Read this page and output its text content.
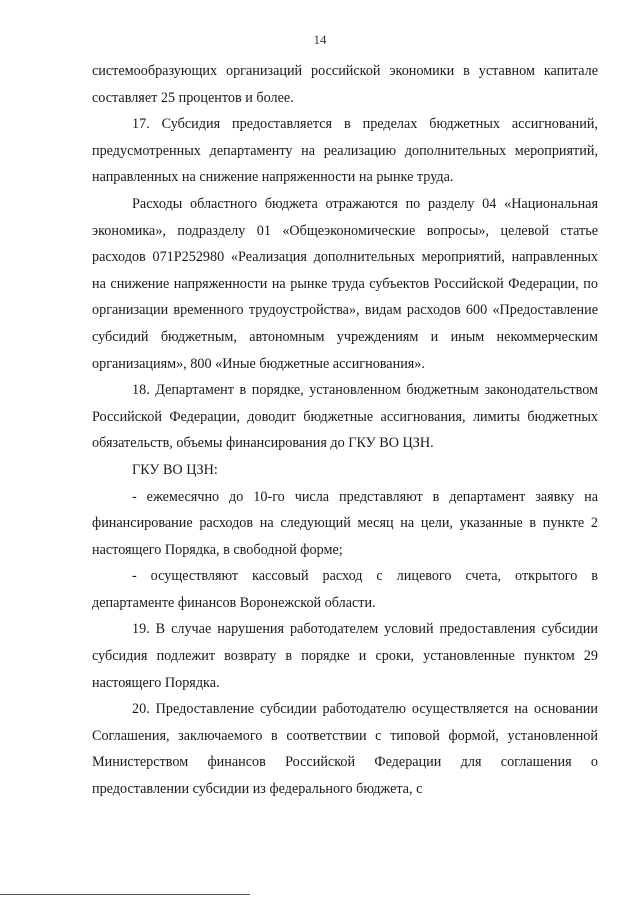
14

системообразующих организаций российской экономики в уставном капитале составляет 25 процентов и более.

17. Субсидия предоставляется в пределах бюджетных ассигнований, предусмотренных департаменту на реализацию дополнительных мероприятий, направленных на снижение напряженности на рынке труда.

Расходы областного бюджета отражаются по разделу 04 «Национальная экономика», подразделу 01 «Общеэкономические вопросы», целевой статье расходов 071P252980 «Реализация дополнительных мероприятий, направленных на снижение напряженности на рынке труда субъектов Российской Федерации, по организации временного трудоустройства», видам расходов 600 «Предоставление субсидий бюджетным, автономным учреждениям и иным некоммерческим организациям», 800 «Иные бюджетные ассигнования».

18. Департамент в порядке, установленном бюджетным законодательством Российской Федерации, доводит бюджетные ассигнования, лимиты бюджетных обязательств, объемы финансирования до ГКУ ВО ЦЗН.

ГКУ ВО ЦЗН:

- ежемесячно до 10-го числа представляют в департамент заявку на финансирование расходов на следующий месяц на цели, указанные в пункте 2 настоящего Порядка, в свободной форме;

- осуществляют кассовый расход с лицевого счета, открытого в департаменте финансов Воронежской области.

19. В случае нарушения работодателем условий предоставления субсидии субсидия подлежит возврату в порядке и сроки, установленные пунктом 29 настоящего Порядка.

20. Предоставление субсидии работодателю осуществляется на основании Соглашения, заключаемого в соответствии с типовой формой, установленной Министерством финансов Российской Федерации для соглашения о предоставлении субсидии из федерального бюджета, с
